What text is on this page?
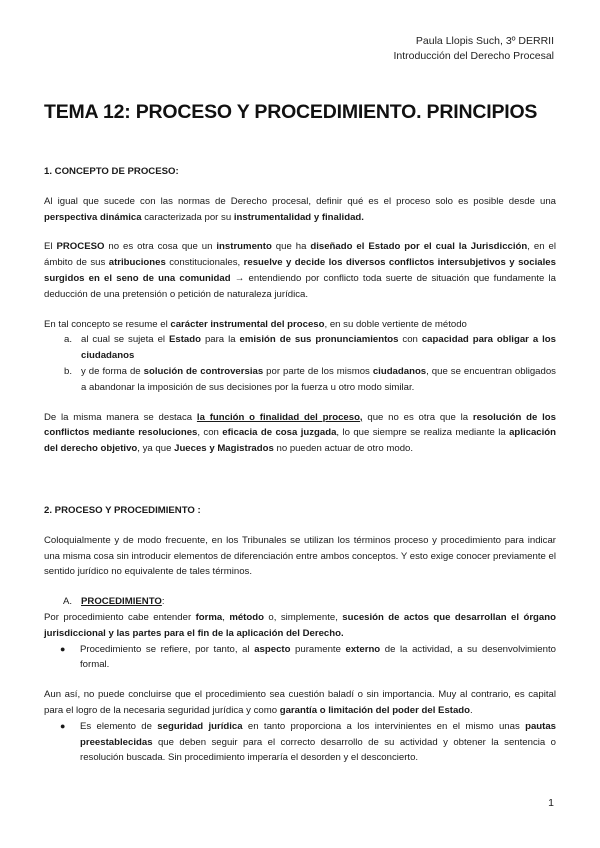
Paula Llopis Such, 3º DERRII
Introducción del Derecho Procesal
TEMA 12: PROCESO Y PROCEDIMIENTO. PRINCIPIOS

1. CONCEPTO DE PROCESO:

Al igual que sucede con las normas de Derecho procesal, definir qué es el proceso solo es posible desde una perspectiva dinámica caracterizada por su instrumentalidad y finalidad.

El PROCESO no es otra cosa que un instrumento que ha diseñado el Estado por el cual la Jurisdicción, en el ámbito de sus atribuciones constitucionales, resuelve y decide los diversos conflictos intersubjetivos y sociales surgidos en el seno de una comunidad → entendiendo por conflicto toda suerte de situación que fundamente la deducción de una pretensión o petición de naturaleza jurídica.

En tal concepto se resume el carácter instrumental del proceso, en su doble vertiente de método

a. al cual se sujeta el Estado para la emisión de sus pronunciamientos con capacidad para obligar a los ciudadanos
b. y de forma de solución de controversias por parte de los mismos ciudadanos, que se encuentran obligados a abandonar la imposición de sus decisiones por la fuerza u otro modo similar.

De la misma manera se destaca la función o finalidad del proceso, que no es otra que la resolución de los conflictos mediante resoluciones, con eficacia de cosa juzgada, lo que siempre se realiza mediante la aplicación del derecho objetivo, ya que Jueces y Magistrados no pueden actuar de otro modo.

2. PROCESO Y PROCEDIMIENTO :

Coloquialmente y de modo frecuente, en los Tribunales se utilizan los términos proceso y procedimiento para indicar una misma cosa sin introducir elementos de diferenciación entre ambos conceptos. Y esto exige conocer previamente el sentido jurídico no equivalente de tales términos.

A. PROCEDIMIENTO:

Por procedimiento cabe entender forma, método o, simplemente, sucesión de actos que desarrollan el órgano jurisdiccional y las partes para el fin de la aplicación del Derecho.

● Procedimiento se refiere, por tanto, al aspecto puramente externo de la actividad, a su desenvolvimiento formal.

Aun así, no puede concluirse que el procedimiento sea cuestión baladí o sin importancia. Muy al contrario, es capital para el logro de la necesaria seguridad jurídica y como garantía o limitación del poder del Estado.

● Es elemento de seguridad jurídica en tanto proporciona a los intervinientes en el mismo unas pautas preestablecidas que deben seguir para el correcto desarrollo de su actividad y obtener la sentencia o resolución buscada. Sin procedimiento imperaría el desorden y el desconcierto.
1
